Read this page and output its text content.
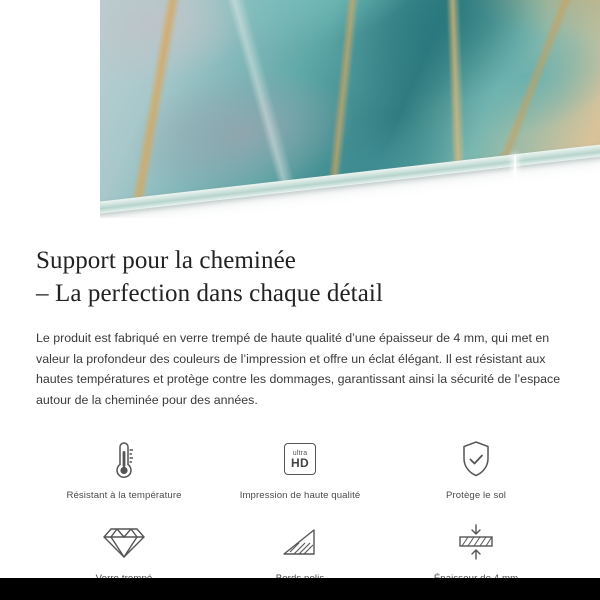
Support pour la cheminée
– La perfection dans chaque détail

Le produit est fabriqué en verre trempé de haute qualité d’une épaisseur de 4 mm, qui met en valeur la profondeur des couleurs de l’impression et offre un éclat élégant. Il est résistant aux hautes températures et protège contre les dommages, garantissant ainsi la sécurité de l’espace autour de la cheminée pour des années.

Résistant à la température
ultra
HD
Impression de haute qualité	Protège le sol
